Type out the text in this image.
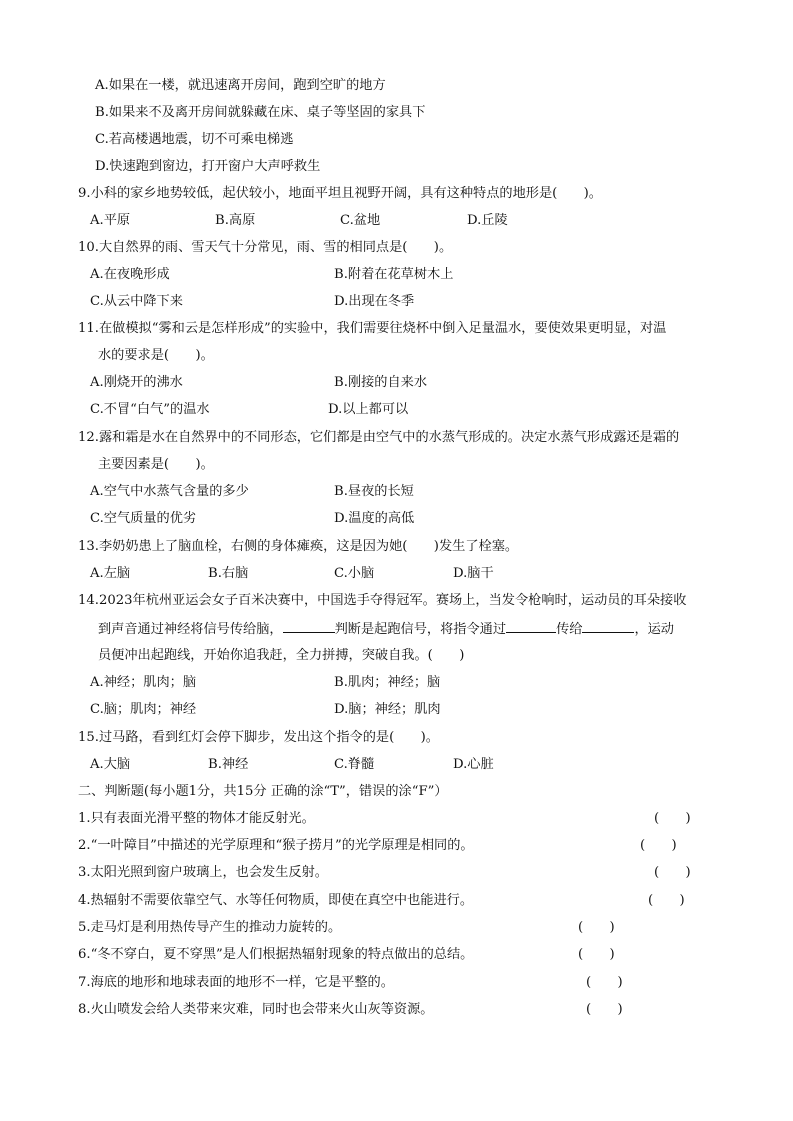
A.如果在一楼，就迅速离开房间，跑到空旷的地方
B.如果来不及离开房间就躲藏在床、桌子等坚固的家具下
C.若高楼遇地震，切不可乘电梯逃
D.快速跑到窗边，打开窗户大声呼救生
9.小科的家乡地势较低，起伏较小，地面平坦且视野开阔，具有这种特点的地形是(　　)。
A.平原	B.高原	C.盆地	D.丘陵
10.大自然界的雨、雪天气十分常见，雨、雪的相同点是(　　)。
A.在夜晚形成	B.附着在花草树木上
C.从云中降下来	D.出现在冬季
11.在做模拟“雾和云是怎样形成”的实验中，我们需要往烧杯中倒入足量温水，要使效果更明显，对温
水的要求是(　　)。
A.刚烧开的沸水	B.刚接的自来水
C.不冒“白气”的温水	D.以上都可以
12.露和霜是水在自然界中的不同形态，它们都是由空气中的水蒸气形成的。决定水蒸气形成露还是霜的
主要因素是(　　)。
A.空气中水蒸气含量的多少	B.昼夜的长短
C.空气质量的优劣	D.温度的高低
13.李奶奶患上了脑血栓，右侧的身体瘫痪，这是因为她(　　)发生了栓塞。
A.左脑	B.右脑	C.小脑	D.脑干
14.2023年杭州亚运会女子百米决赛中，中国选手夺得冠军。赛场上，当发令枪响时，运动员的耳朵接收
到声音通过神经将信号传给脑，	判断是起跑信号，将指令通过	传给	，运动
员便冲出起跑线，开始你追我赶，全力拼搏，突破自我。(　　)
A.神经；肌肉；脑	B.肌肉；神经；脑
C.脑；肌肉；神经	D.脑；神经；肌肉
15.过马路，看到红灯会停下脚步，发出这个指令的是(　　)。
A.大脑	B.神经	C.脊髓	D.心脏
二、判断题(每小题1分，共15分 正确的涂“T”，错误的涂“F”）
1.只有表面光滑平整的物体才能反射光。	(　　)
2.“一叶障目”中描述的光学原理和“猴子捞月”的光学原理是相同的。	(　　)
3.太阳光照到窗户玻璃上，也会发生反射。	(　　)
4.热辐射不需要依靠空气、水等任何物质，即使在真空中也能进行。	(　　)
5.走马灯是利用热传导产生的推动力旋转的。	(　　)
6.“冬不穿白，夏不穿黑”是人们根据热辐射现象的特点做出的总结。	(　　)
7.海底的地形和地球表面的地形不一样，它是平整的。	(　　)
8.火山喷发会给人类带来灾难，同时也会带来火山灰等资源。	(　　)
